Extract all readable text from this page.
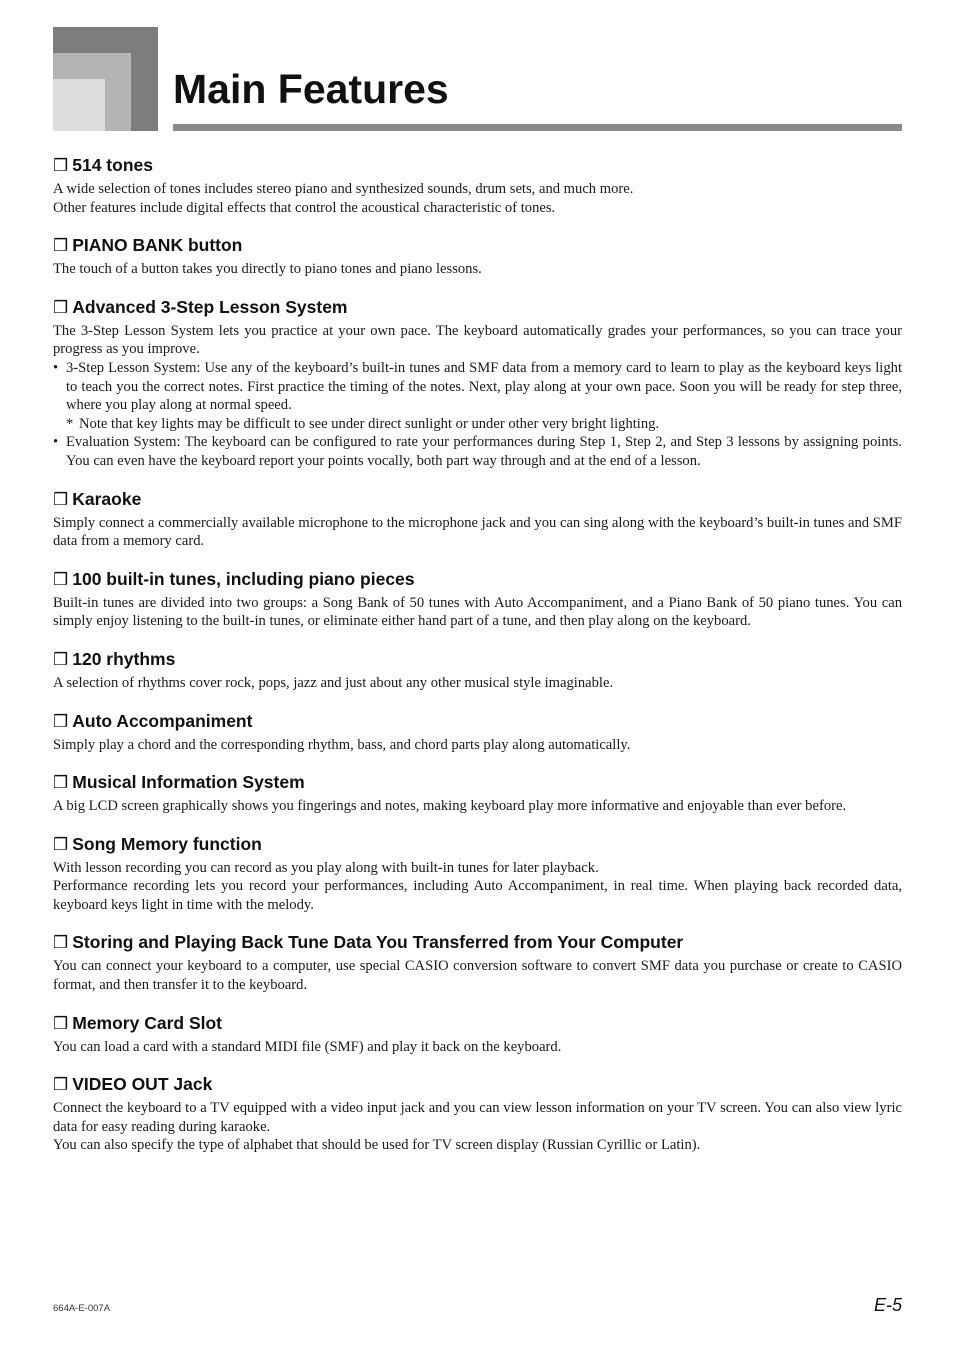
Main Features
❒ 514 tones

A wide selection of tones includes stereo piano and synthesized sounds, drum sets, and much more.

Other features include digital effects that control the acoustical characteristic of tones.

❒ PIANO BANK button

The touch of a button takes you directly to piano tones and piano lessons.

❒ Advanced 3-Step Lesson System

The 3-Step Lesson System lets you practice at your own pace. The keyboard automatically grades your performances, so you can trace your progress as you improve.

• 3-Step Lesson System: Use any of the keyboard’s built-in tunes and SMF data from a memory card to learn to play as the keyboard keys light to teach you the correct notes. First practice the timing of the notes. Next, play along at your own pace. Soon you will be ready for step three, where you play along at normal speed.
* Note that key lights may be difficult to see under direct sunlight or under other very bright lighting.
• Evaluation System: The keyboard can be configured to rate your performances during Step 1, Step 2, and Step 3 lessons by assigning points. You can even have the keyboard report your points vocally, both part way through and at the end of a lesson.
❒ Karaoke

Simply connect a commercially available microphone to the microphone jack and you can sing along with the keyboard’s built-in tunes and SMF data from a memory card.

❒ 100 built-in tunes, including piano pieces

Built-in tunes are divided into two groups: a Song Bank of 50 tunes with Auto Accompaniment, and a Piano Bank of 50 piano tunes. You can simply enjoy listening to the built-in tunes, or eliminate either hand part of a tune, and then play along on the keyboard.

❒ 120 rhythms

A selection of rhythms cover rock, pops, jazz and just about any other musical style imaginable.

❒ Auto Accompaniment

Simply play a chord and the corresponding rhythm, bass, and chord parts play along automatically.

❒ Musical Information System

A big LCD screen graphically shows you fingerings and notes, making keyboard play more informative and enjoyable than ever before.

❒ Song Memory function

With lesson recording you can record as you play along with built-in tunes for later playback.

Performance recording lets you record your performances, including Auto Accompaniment, in real time. When playing back recorded data, keyboard keys light in time with the melody.

❒ Storing and Playing Back Tune Data You Transferred from Your Computer

You can connect your keyboard to a computer, use special CASIO conversion software to convert SMF data you purchase or create to CASIO format, and then transfer it to the keyboard.

❒ Memory Card Slot

You can load a card with a standard MIDI file (SMF) and play it back on the keyboard.

❒ VIDEO OUT Jack

Connect the keyboard to a TV equipped with a video input jack and you can view lesson information on your TV screen. You can also view lyric data for easy reading during karaoke.

You can also specify the type of alphabet that should be used for TV screen display (Russian Cyrillic or Latin).

664A-E-007A	E-5
